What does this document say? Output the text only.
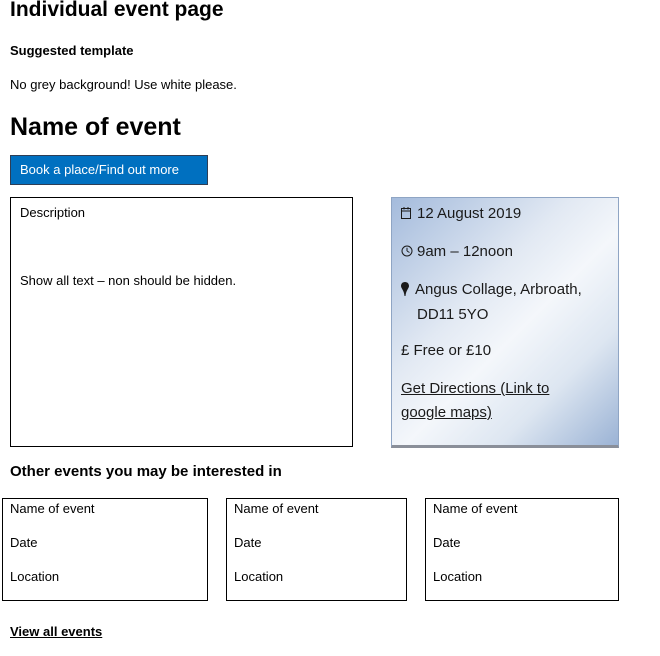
Individual event page
Suggested template
No grey background! Use white please.
Name of event
Book a place/Find out more
Description
Show all text – non should be hidden.
12 August 2019
9am – 12noon
Angus Collage, Arbroath,
DD11 5YO
£ Free or £10
Get Directions (Link to
google maps)
Other events you may be interested in
Name of event
Date
Location
Name of event
Date
Location
Name of event
Date
Location
View all events
